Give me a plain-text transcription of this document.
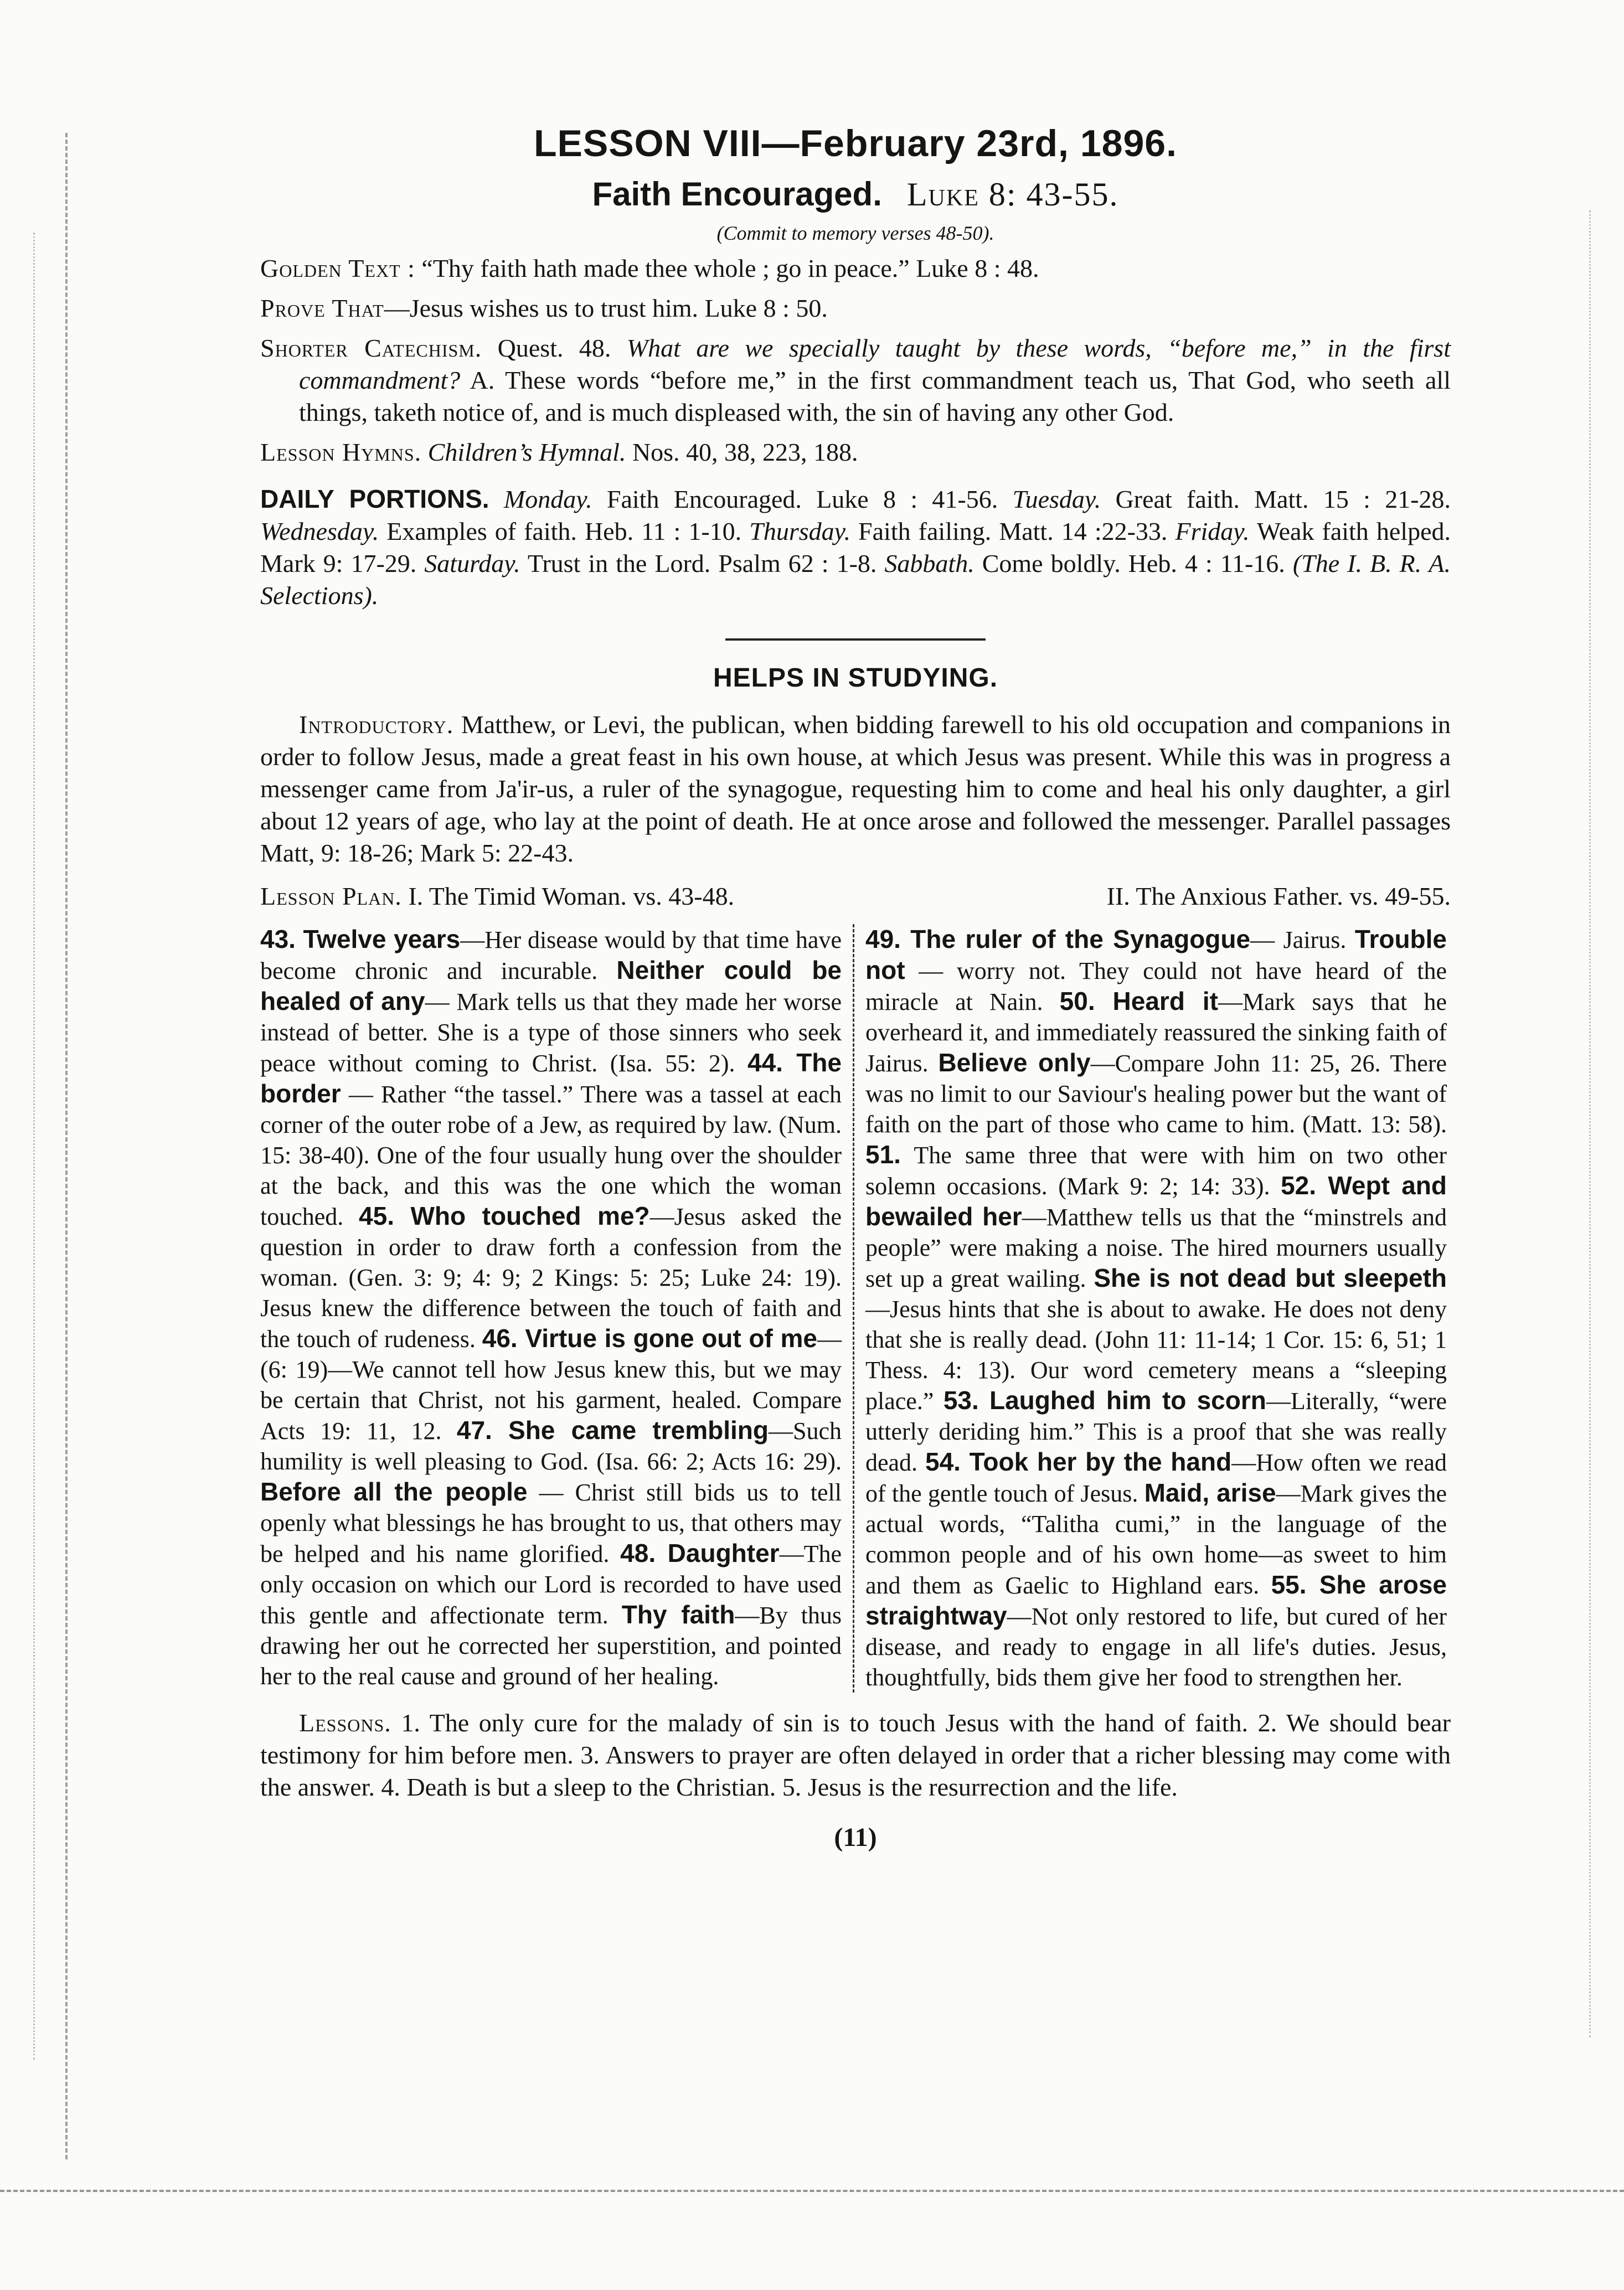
LESSON VIII—February 23rd, 1896.
Faith Encouraged. Luke 8: 43-55.
(Commit to memory verses 48-50).

Golden Text : “Thy faith hath made thee whole ; go in peace.” Luke 8 : 48.

Prove That—Jesus wishes us to trust him. Luke 8 : 50.

Shorter Catechism. Quest. 48. What are we specially taught by these words, “before me,” in the first commandment? A. These words “before me,” in the first commandment teach us, That God, who seeth all things, taketh notice of, and is much displeased with, the sin of having any other God.

Lesson Hymns. Children’s Hymnal. Nos. 40, 38, 223, 188.

DAILY PORTIONS. Monday. Faith Encouraged. Luke 8 : 41-56. Tuesday. Great faith. Matt. 15 : 21-28. Wednesday. Examples of faith. Heb. 11 : 1-10. Thursday. Faith failing. Matt. 14 :22-33. Friday. Weak faith helped. Mark 9: 17-29. Saturday. Trust in the Lord. Psalm 62 : 1-8. Sabbath. Come boldly. Heb. 4 : 11-16. (The I. B. R. A. Selections).

HELPS IN STUDYING.

Introductory. Matthew, or Levi, the publican, when bidding farewell to his old occupation and companions in order to follow Jesus, made a great feast in his own house, at which Jesus was present. While this was in progress a messenger came from Ja'ir-us, a ruler of the synagogue, requesting him to come and heal his only daughter, a girl about 12 years of age, who lay at the point of death. He at once arose and followed the messenger. Parallel passages Matt, 9: 18-26; Mark 5: 22-43.

Lesson Plan. I. The Timid Woman. vs. 43-48.	II. The Anxious Father. vs. 49-55.
43. Twelve years—Her disease would by that time have become chronic and incurable. Neither could be healed of any— Mark tells us that they made her worse instead of better. She is a type of those sinners who seek peace without coming to Christ. (Isa. 55: 2). 44. The border — Rather “the tassel.” There was a tassel at each corner of the outer robe of a Jew, as required by law. (Num. 15: 38-40). One of the four usually hung over the shoulder at the back, and this was the one which the woman touched. 45. Who touched me?—Jesus asked the question in order to draw forth a confession from the woman. (Gen. 3: 9; 4: 9; 2 Kings: 5: 25; Luke 24: 19). Jesus knew the difference between the touch of faith and the touch of rudeness. 46. Virtue is gone out of me—(6: 19)—We cannot tell how Jesus knew this, but we may be certain that Christ, not his garment, healed. Compare Acts 19: 11, 12. 47. She came trembling—Such humility is well pleasing to God. (Isa. 66: 2; Acts 16: 29). Before all the people — Christ still bids us to tell openly what blessings he has brought to us, that others may be helped and his name glorified. 48. Daughter—The only occasion on which our Lord is recorded to have used this gentle and affectionate term. Thy faith—By thus drawing her out he corrected her superstition, and pointed her to the real cause and ground of her healing.
49. The ruler of the Synagogue— Jairus. Trouble not — worry not. They could not have heard of the miracle at Nain. 50. Heard it—Mark says that he overheard it, and immediately reassured the sinking faith of Jairus. Believe only—Compare John 11: 25, 26. There was no limit to our Saviour's healing power but the want of faith on the part of those who came to him. (Matt. 13: 58). 51. The same three that were with him on two other solemn occasions. (Mark 9: 2; 14: 33). 52. Wept and bewailed her—Matthew tells us that the “minstrels and people” were making a noise. The hired mourners usually set up a great wailing. She is not dead but sleepeth—Jesus hints that she is about to awake. He does not deny that she is really dead. (John 11: 11-14; 1 Cor. 15: 6, 51; 1 Thess. 4: 13). Our word cemetery means a “sleeping place.” 53. Laughed him to scorn—Literally, “were utterly deriding him.” This is a proof that she was really dead. 54. Took her by the hand—How often we read of the gentle touch of Jesus. Maid, arise—Mark gives the actual words, “Talitha cumi,” in the language of the common people and of his own home—as sweet to him and them as Gaelic to Highland ears. 55. She arose straightway—Not only restored to life, but cured of her disease, and ready to engage in all life's duties. Jesus, thoughtfully, bids them give her food to strengthen her.

Lessons. 1. The only cure for the malady of sin is to touch Jesus with the hand of faith. 2. We should bear testimony for him before men. 3. Answers to prayer are often delayed in order that a richer blessing may come with the answer. 4. Death is but a sleep to the Christian. 5. Jesus is the resurrection and the life.

(11)
